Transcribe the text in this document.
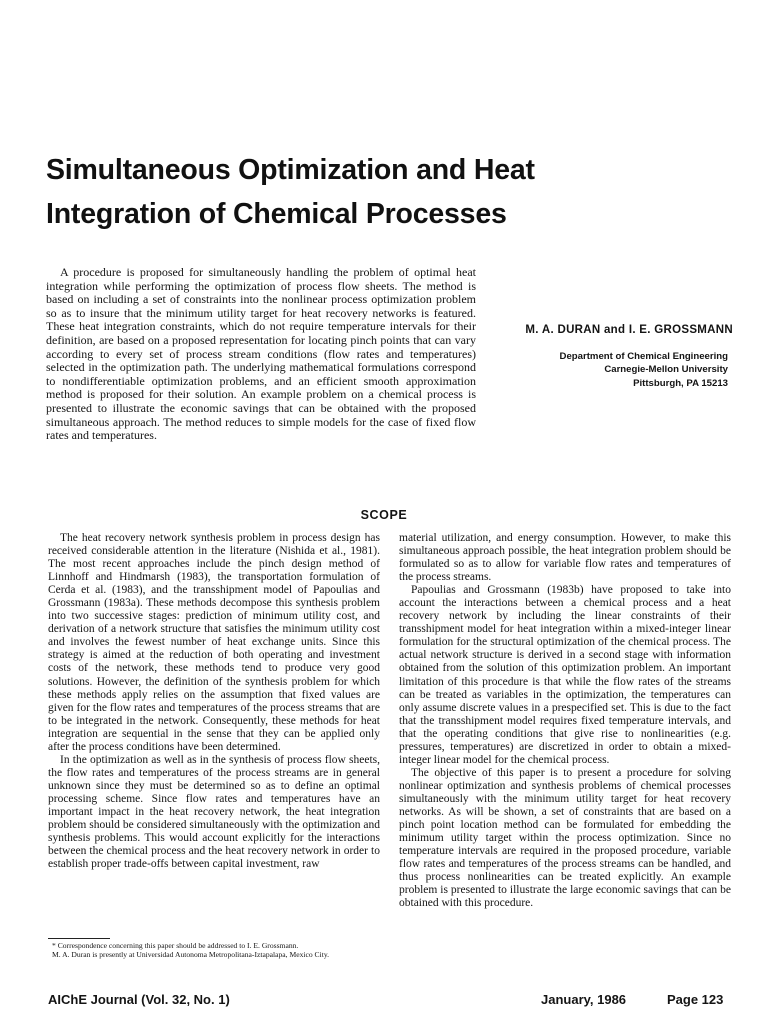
Simultaneous Optimization and Heat
Integration of Chemical Processes

A procedure is proposed for simultaneously handling the problem of optimal heat integration while performing the optimization of process flow sheets. The method is based on including a set of constraints into the nonlinear process optimization problem so as to insure that the minimum utility target for heat recovery networks is featured. These heat integration constraints, which do not require temperature intervals for their definition, are based on a proposed representation for locating pinch points that can vary according to every set of process stream conditions (flow rates and temperatures) selected in the optimization path. The underlying mathematical formulations correspond to nondifferentiable optimization problems, and an efficient smooth approximation method is proposed for their solution. An example problem on a chemical process is presented to illustrate the economic savings that can be obtained with the proposed simultaneous approach. The method reduces to simple models for the case of fixed flow rates and temperatures.

M. A. DURAN and I. E. GROSSMANN

Department of Chemical Engineering
Carnegie-Mellon University
Pittsburgh, PA 15213
SCOPE

The heat recovery network synthesis problem in process design has received considerable attention in the literature (Nishida et al., 1981). The most recent approaches include the pinch design method of Linnhoff and Hindmarsh (1983), the transportation formulation of Cerda et al. (1983), and the transshipment model of Papoulias and Grossmann (1983a). These methods decompose this synthesis problem into two successive stages: prediction of minimum utility cost, and derivation of a network structure that satisfies the minimum utility cost and involves the fewest number of heat exchange units. Since this strategy is aimed at the reduction of both operating and investment costs of the network, these methods tend to produce very good solutions. However, the definition of the synthesis problem for which these methods apply relies on the assumption that fixed values are given for the flow rates and temperatures of the process streams that are to be integrated in the network. Consequently, these methods for heat integration are sequential in the sense that they can be applied only after the process conditions have been determined.

In the optimization as well as in the synthesis of process flow sheets, the flow rates and temperatures of the process streams are in general unknown since they must be determined so as to define an optimal processing scheme. Since flow rates and temperatures have an important impact in the heat recovery network, the heat integration problem should be considered simultaneously with the optimization and synthesis problems. This would account explicitly for the interactions between the chemical process and the heat recovery network in order to establish proper trade-offs between capital investment, raw

material utilization, and energy consumption. However, to make this simultaneous approach possible, the heat integration problem should be formulated so as to allow for variable flow rates and temperatures of the process streams.

Papoulias and Grossmann (1983b) have proposed to take into account the interactions between a chemical process and a heat recovery network by including the linear constraints of their transshipment model for heat integration within a mixed-integer linear formulation for the structural optimization of the chemical process. The actual network structure is derived in a second stage with information obtained from the solution of this optimization problem. An important limitation of this procedure is that while the flow rates of the streams can be treated as variables in the optimization, the temperatures can only assume discrete values in a prespecified set. This is due to the fact that the transshipment model requires fixed temperature intervals, and that the operating conditions that give rise to nonlinearities (e.g. pressures, temperatures) are discretized in order to obtain a mixed-integer linear model for the chemical process.

The objective of this paper is to present a procedure for solving nonlinear optimization and synthesis problems of chemical processes simultaneously with the minimum utility target for heat recovery networks. As will be shown, a set of constraints that are based on a pinch point location method can be formulated for embedding the minimum utility target within the process optimization. Since no temperature intervals are required in the proposed procedure, variable flow rates and temperatures of the process streams can be handled, and thus process nonlinearities can be treated explicitly. An example problem is presented to illustrate the large economic savings that can be obtained with this procedure.

* Correspondence concerning this paper should be addressed to I. E. Grossmann.

M. A. Duran is presently at Universidad Autonoma Metropolitana-Iztapalapa, Mexico City.

AIChE Journal (Vol. 32, No. 1)	January, 1986	Page 123
